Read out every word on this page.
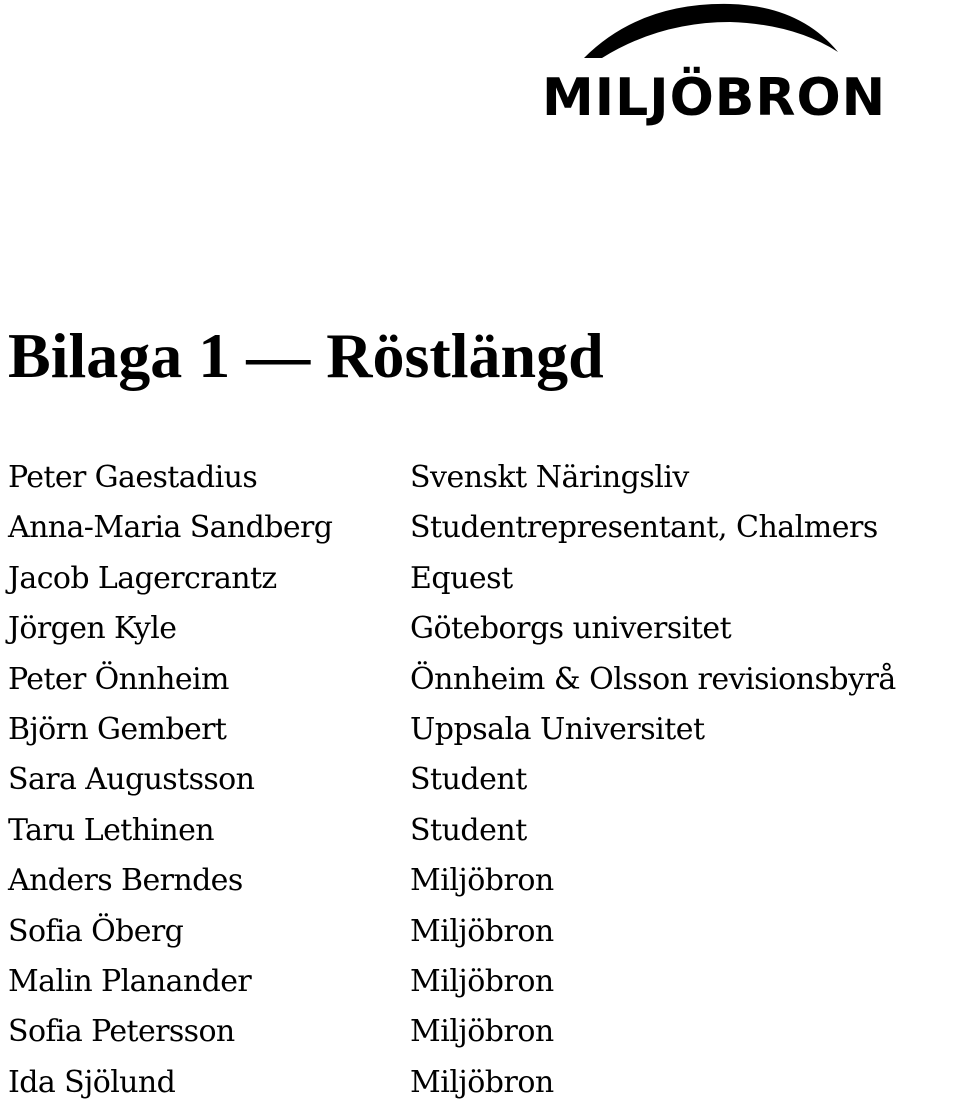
MILJÖBRON
Bilaga 1 — Röstlängd
Peter Gaestadius	Svenskt Näringsliv
Anna-Maria Sandberg	Studentrepresentant, Chalmers
Jacob Lagercrantz	Equest
Jörgen Kyle	Göteborgs universitet
Peter Önnheim	Önnheim & Olsson revisionsbyrå
Björn Gembert	Uppsala Universitet
Sara Augustsson	Student
Taru Lethinen	Student
Anders Berndes	Miljöbron
Sofia Öberg	Miljöbron
Malin Planander	Miljöbron
Sofia Petersson	Miljöbron
Ida Sjölund	Miljöbron
